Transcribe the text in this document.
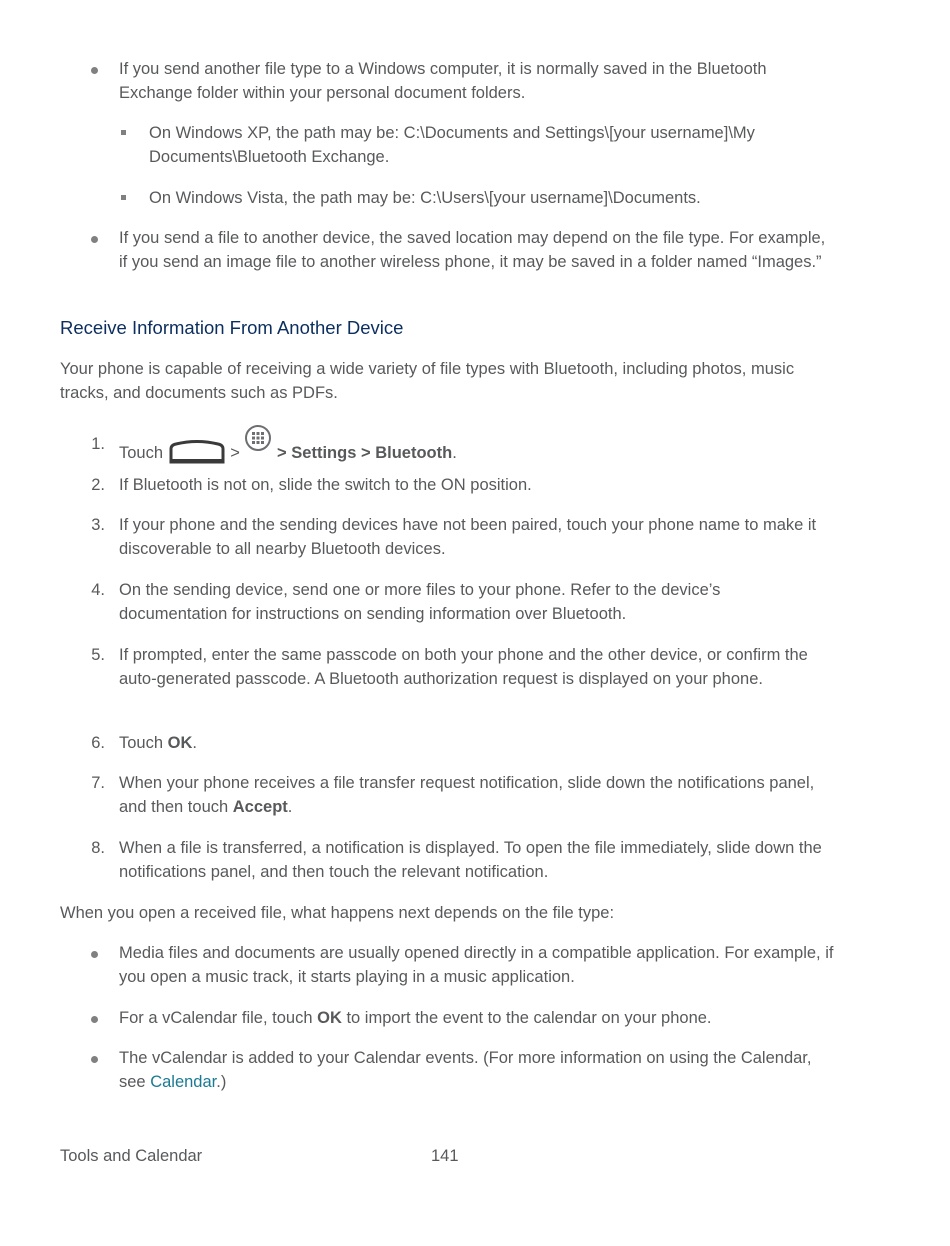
If you send another file type to a Windows computer, it is normally saved in the Bluetooth Exchange folder within your personal document folders.

On Windows XP, the path may be: C:\Documents and Settings\[your username]\My Documents\Bluetooth Exchange.

On Windows Vista, the path may be: C:\Users\[your username]\Documents.

If you send a file to another device, the saved location may depend on the file type. For example, if you send an image file to another wireless phone, it may be saved in a folder named “Images.”

Receive Information From Another Device

Your phone is capable of receiving a wide variety of file types with Bluetooth, including photos, music tracks, and documents such as PDFs.

1. Touch	> > Settings > Bluetooth.

2. If Bluetooth is not on, slide the switch to the ON position.

3. If your phone and the sending devices have not been paired, touch your phone name to make it discoverable to all nearby Bluetooth devices.

4. On the sending device, send one or more files to your phone. Refer to the device’s documentation for instructions on sending information over Bluetooth.

5. If prompted, enter the same passcode on both your phone and the other device, or confirm the auto-generated passcode. A Bluetooth authorization request is displayed on your phone.

6. Touch OK.

7. When your phone receives a file transfer request notification, slide down the notifications panel, and then touch Accept.

8. When a file is transferred, a notification is displayed. To open the file immediately, slide down the notifications panel, and then touch the relevant notification.

When you open a received file, what happens next depends on the file type:

Media files and documents are usually opened directly in a compatible application. For example, if you open a music track, it starts playing in a music application.

For a vCalendar file, touch OK to import the event to the calendar on your phone.

The vCalendar is added to your Calendar events. (For more information on using the Calendar, see Calendar.)

Tools and Calendar	141
